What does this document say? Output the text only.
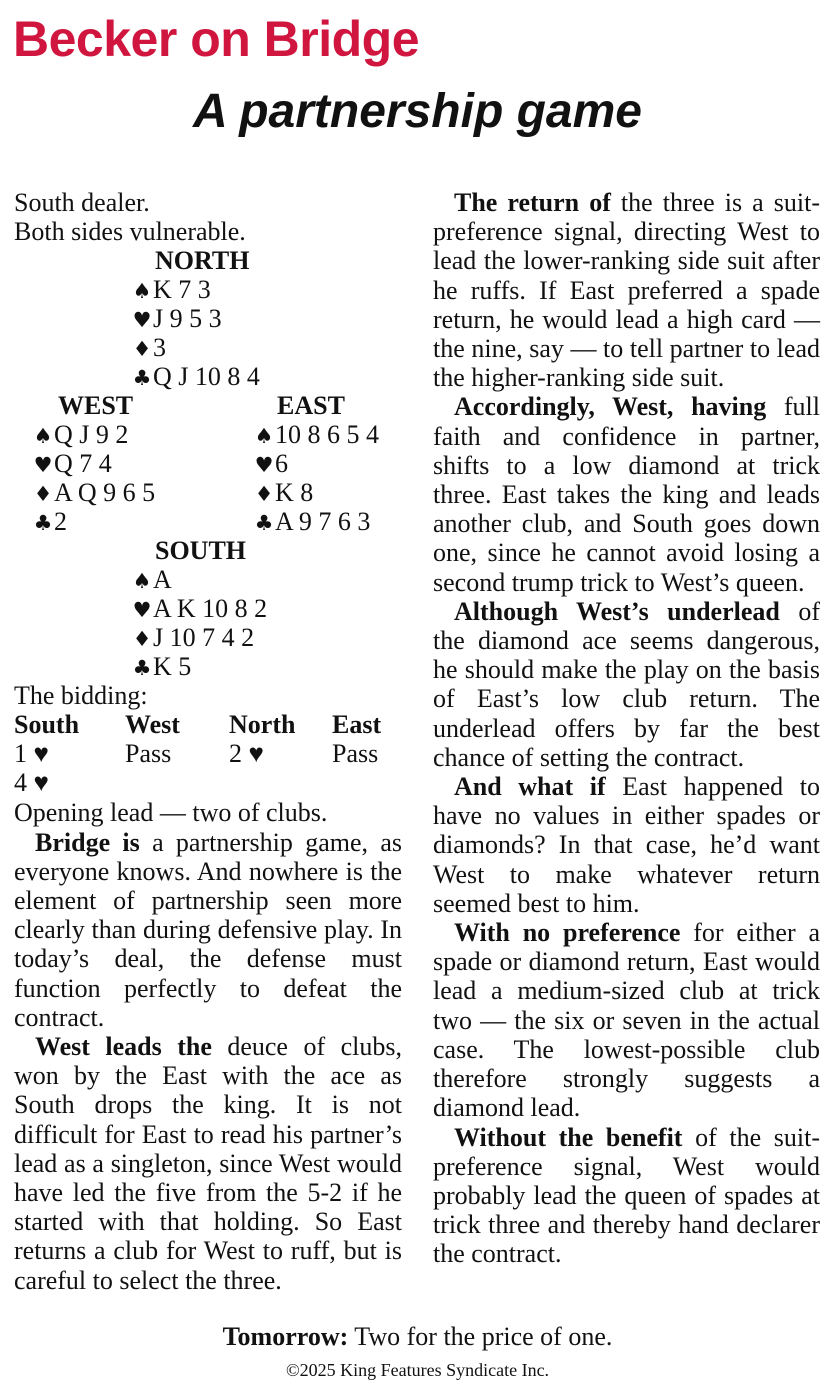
Becker on Bridge
A partnership game
South dealer.
Both sides vulnerable.
NORTH
♠K 7 3
♥J 9 5 3
♦3
♣Q J 10 8 4
WEST
♠Q J 9 2
♥Q 7 4
♦A Q 9 6 5
♣2
EAST
♠10 8 6 5 4
♥6
♦K 8
♣A 9 7 6 3
SOUTH
♠A
♥A K 10 8 2
♦J 10 7 4 2
♣K 5
The bidding:
South West North East
1 ♥	Pass 2 ♥	Pass
4 ♥
Opening lead — two of clubs.

Bridge is a partnership game, as everyone knows. And nowhere is the element of partnership seen more clearly than during defensive play. In today’s deal, the defense must function perfectly to defeat the contract.

West leads the deuce of clubs, won by the East with the ace as South drops the king. It is not difficult for East to read his partner’s lead as a singleton, since West would have led the five from the 5-2 if he started with that holding. So East returns a club for West to ruff, but is careful to select the three.

The return of the three is a suit-preference signal, directing West to lead the lower-ranking side suit after he ruffs. If East preferred a spade return, he would lead a high card — the nine, say — to tell partner to lead the higher-ranking side suit.

Accordingly, West, having full faith and confidence in partner, shifts to a low diamond at trick three. East takes the king and leads another club, and South goes down one, since he cannot avoid losing a second trump trick to West’s queen.

Although West’s underlead of the diamond ace seems dangerous, he should make the play on the basis of East’s low club return. The underlead offers by far the best chance of setting the contract.

And what if East happened to have no values in either spades or diamonds? In that case, he’d want West to make whatever return seemed best to him.

With no preference for either a spade or diamond return, East would lead a medium-sized club at trick two — the six or seven in the actual case. The lowest-possible club therefore strongly suggests a diamond lead.

Without the benefit of the suit-preference signal, West would probably lead the queen of spades at trick three and thereby hand declarer the contract.

Tomorrow: Two for the price of one.
©2025 King Features Syndicate Inc.
